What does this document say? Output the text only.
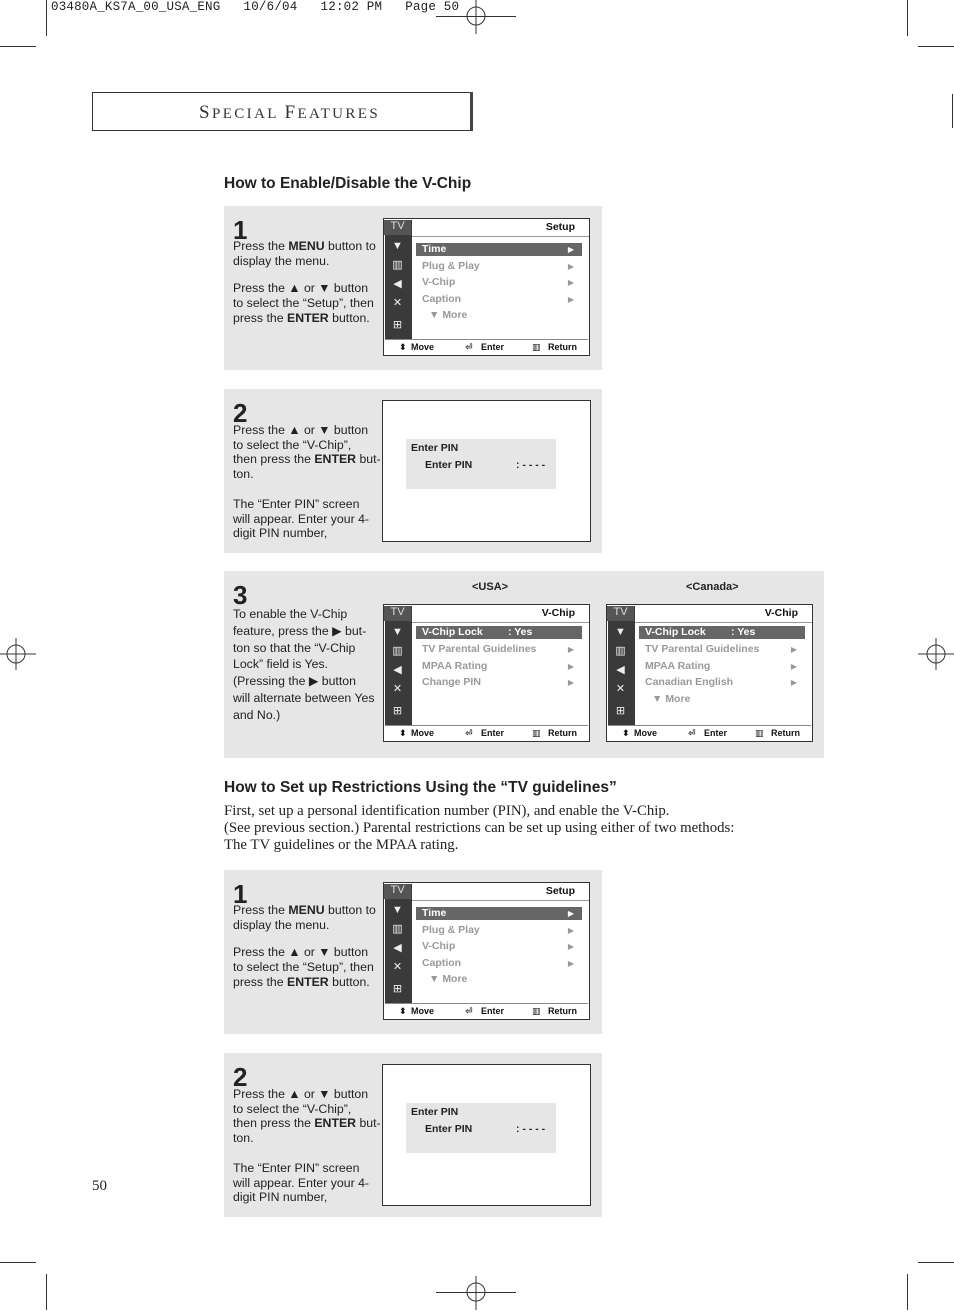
03480A_KS7A_00_USA_ENG   10/6/04   12:02 PM   Page 50
SPECIAL FEATURES
How to Enable/Disable the V-Chip
1
Press the MENU button to
display the menu.
Press the ▲ or ▼ button
to select the “Setup”, then
press the ENTER button.
TV
▼
▥
◀
✕
⊞
Setup
Time	▶
Plug & Play	▶
V-Chip	▶
Caption	▶
▼ More
⬍ Move	⏎ Enter	▥ Return
2
Press the ▲ or ▼ button
to select the “V-Chip”,
then press the ENTER but-
ton.
The “Enter PIN” screen
will appear. Enter your 4-
digit PIN number,
Enter PIN
Enter PIN	: - - - -
3
To enable the V-Chip
feature, press the ▶ but-
ton so that the “V-Chip
Lock” field is Yes.
(Pressing the ▶ button
will alternate between Yes
and No.)
<USA>	<Canada>
TV
▼
▥
◀
✕
⊞
V-Chip
V-Chip Lock : Yes
TV Parental Guidelines	▶
MPAA Rating	▶
Change PIN	▶
⬍ Move	⏎ Enter	▥ Return
TV
▼
▥
◀
✕
⊞
V-Chip
V-Chip Lock : Yes
TV Parental Guidelines	▶
MPAA Rating	▶
Canadian English	▶
▼ More
⬍ Move	⏎ Enter	▥ Return
How to Set up Restrictions Using the “TV guidelines”
First, set up a personal identification number (PIN), and enable the V-Chip.
(See previous section.) Parental restrictions can be set up using either of two methods:
The TV guidelines or the MPAA rating.
1
Press the MENU button to
display the menu.
Press the ▲ or ▼ button
to select the “Setup”, then
press the ENTER button.
TV
▼
▥
◀
✕
⊞
Setup
Time	▶
Plug & Play	▶
V-Chip	▶
Caption	▶
▼ More
⬍ Move	⏎ Enter	▥ Return
2
Press the ▲ or ▼ button
to select the “V-Chip”,
then press the ENTER but-
ton.
The “Enter PIN” screen
will appear. Enter your 4-
digit PIN number,
Enter PIN
Enter PIN	: - - - -
50
